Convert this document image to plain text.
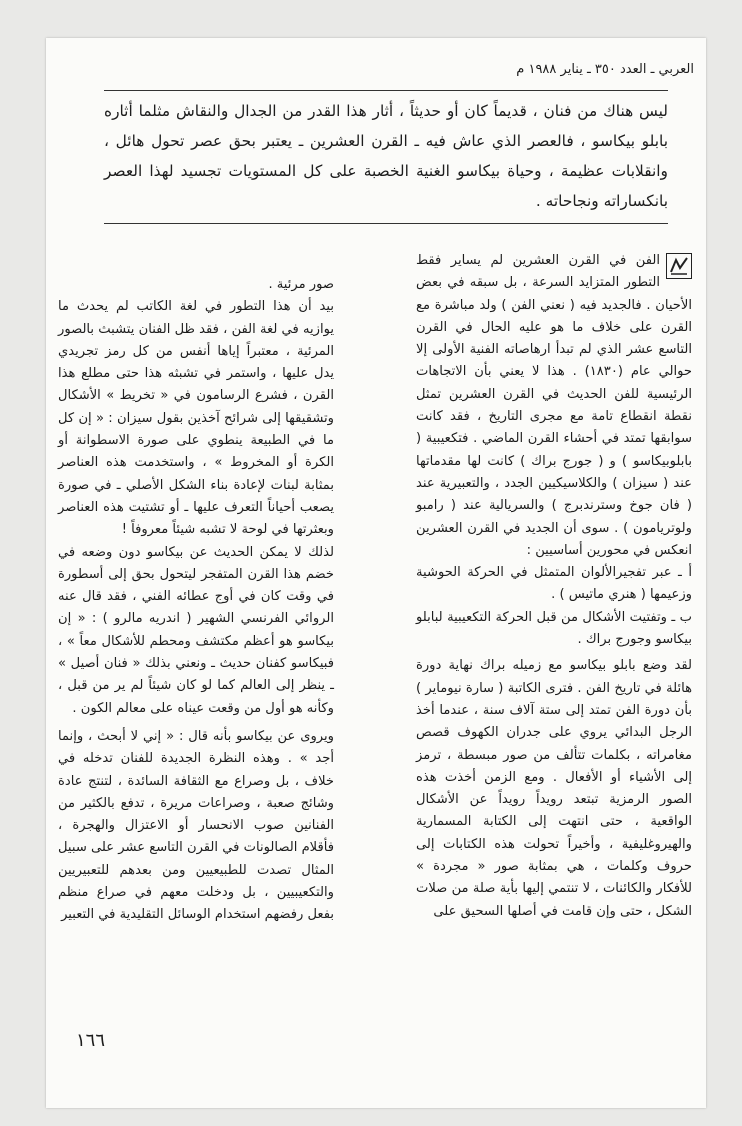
العربي ـ العدد ٣٥٠ ـ يناير ١٩٨٨ م

ليس هناك من فنان ، قديماً كان أو حديثاً ، أثار هذا القدر من الجدال والنقاش مثلما أثاره بابلو بيكاسو ، فالعصر الذي عاش فيه ـ القرن العشرين ـ يعتبر بحق عصر تحول هائل ، وانقلابات عظيمة ، وحياة بيكاسو الغنية الخصبة على كل المستويات تجسيد لهذا العصر بانكساراته ونجاحاته .

الفن في القرن العشرين لم يساير فقط التطور المتزايد السرعة ، بل سبقه في بعض الأحيان . فالجديد فيه ( نعني الفن ) ولد مباشرة مع القرن على خلاف ما هو عليه الحال في القرن التاسع عشر الذي لم تبدأ ارهاصاته الفنية الأولى إلا حوالي عام (١٨٣٠) . هذا لا يعني بأن الاتجاهات الرئيسية للفن الحديث في القرن العشرين تمثل نقطة انقطاع تامة مع مجرى التاريخ ، فقد كانت سوابقها تمتد في أحشاء القرن الماضي . فتكعيبية ( بابلوبيكاسو ) و ( جورج براك ) كانت لها مقدماتها عند ( سيزان ) والكلاسيكيين الجدد ، والتعبيرية عند ( فان جوخ وسترندبرج ) والسريالية عند ( رامبو ولوتريامون ) . سوى أن الجديد في القرن العشرين انعكس في محورين أساسيين :

أ ـ عبر تفجيرالألوان المتمثل في الحركة الحوشية وزعيمها ( هنري ماتيس ) .

ب ـ وتفتيت الأشكال من قبل الحركة التكعيبية لبابلو بيكاسو وجورج براك .

لقد وضع بابلو بيكاسو مع زميله براك نهاية دورة هائلة في تاريخ الفن . فترى الكاتبة ( سارة نيوماير ) بأن دورة الفن تمتد إلى ستة آلاف سنة ، عندما أخذ الرجل البدائي يروي على جدران الكهوف قصص مغامراته ، بكلمات تتألف من صور مبسطة ، ترمز إلى الأشياء أو الأفعال . ومع الزمن أخذت هذه الصور الرمزية تبتعد رويداً رويداً عن الأشكال الواقعية ، حتى انتهت إلى الكتابة المسمارية والهيروغليفية ، وأخيراً تحولت هذه الكتابات إلى حروف وكلمات ، هي بمثابة صور « مجردة » للأفكار والكائنات ، لا تنتمي إليها بأية صلة من صلات الشكل ، حتى وإن قامت في أصلها السحيق على

صور مرئية .

بيد أن هذا التطور في لغة الكاتب لم يحدث ما يوازيه في لغة الفن ، فقد ظل الفنان يتشبث بالصور المرئية ، معتبراً إياها أنفس من كل رمز تجريدي يدل عليها ، واستمر في تشبثه هذا حتى مطلع هذا القرن ، فشرع الرسامون في « تخريط » الأشكال وتشقيقها إلى شرائح آخذين بقول سيزان : « إن كل ما في الطبيعة ينطوي على صورة الاسطوانة أو الكرة أو المخروط » ، واستخدمت هذه العناصر بمثابة لبنات لإعادة بناء الشكل الأصلي ـ في صورة يصعب أحياناً التعرف عليها ـ أو تشتيت هذه العناصر وبعثرتها في لوحة لا تشبه شيئاً معروفاً !

لذلك لا يمكن الحديث عن بيكاسو دون وضعه في خضم هذا القرن المتفجر ليتحول بحق إلى أسطورة في وقت كان في أوج عطائه الفني ، فقد قال عنه الروائي الفرنسي الشهير ( اندريه مالرو ) : « إن بيكاسو هو أعظم مكتشف ومحطم للأشكال معاً » ، فبيكاسو كفنان حديث ـ ونعني بذلك « فنان أصيل » ـ ينظر إلى العالم كما لو كان شيئاً لم ير من قبل ، وكأنه هو أول من وقعت عيناه على معالم الكون .

ويروى عن بيكاسو بأنه قال : « إني لا أبحث ، وإنما أجد » . وهذه النظرة الجديدة للفنان تدخله في خلاف ، بل وصراع مع الثقافة السائدة ، لتنتج عادة وشائج صعبة ، وصراعات مريرة ، تدفع بالكثير من الفنانين صوب الانحسار أو الاعتزال والهجرة ، فأقلام الصالونات في القرن التاسع عشر على سبيل المثال تصدت للطبيعيين ومن بعدهم للتعبيريين والتكعيبيين ، بل ودخلت معهم في صراع منظم بفعل رفضهم استخدام الوسائل التقليدية في التعبير

١٦٦
